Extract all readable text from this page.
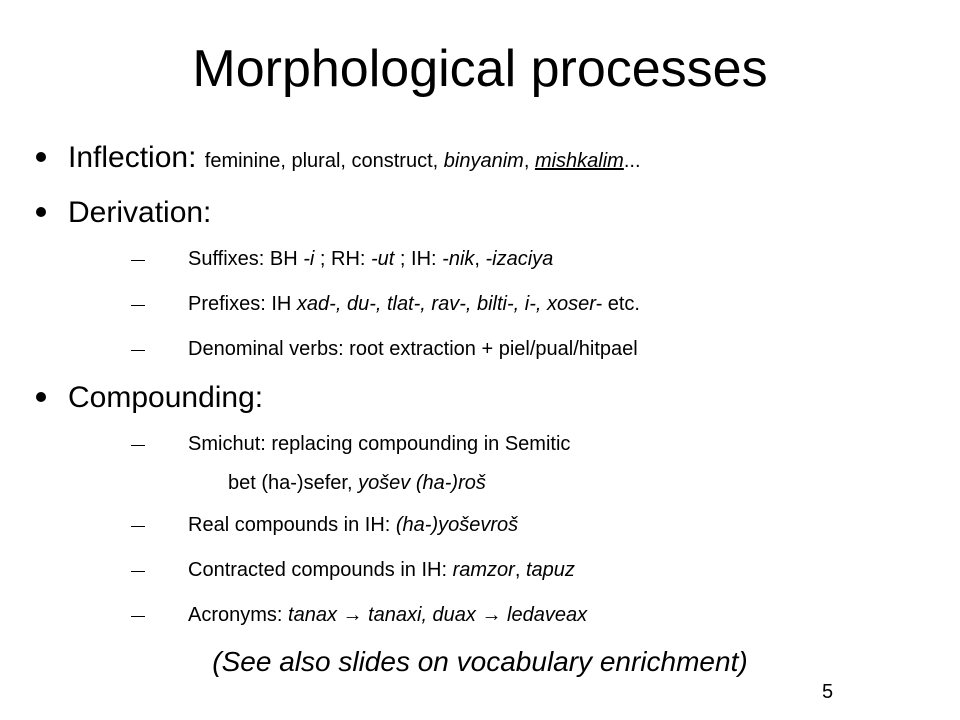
Morphological processes
Inflection: feminine, plural, construct, binyanim, mishkalim...
Derivation:
Suffixes: BH -i ; RH: -ut ; IH: -nik, -izaciya
Prefixes: IH xad-, du-, tlat-, rav-, bilti-, i-, xoser- etc.
Denominal verbs: root extraction + piel/pual/hitpael
Compounding:
Smichut: replacing compounding in Semitic
bet (ha-)sefer, yošev (ha-)roš
Real compounds in IH: (ha-)yoševroš
Contracted compounds in IH: ramzor, tapuz
Acronyms: tanax → tanaxi, duax → ledaveax
(See also slides on vocabulary enrichment)
5
